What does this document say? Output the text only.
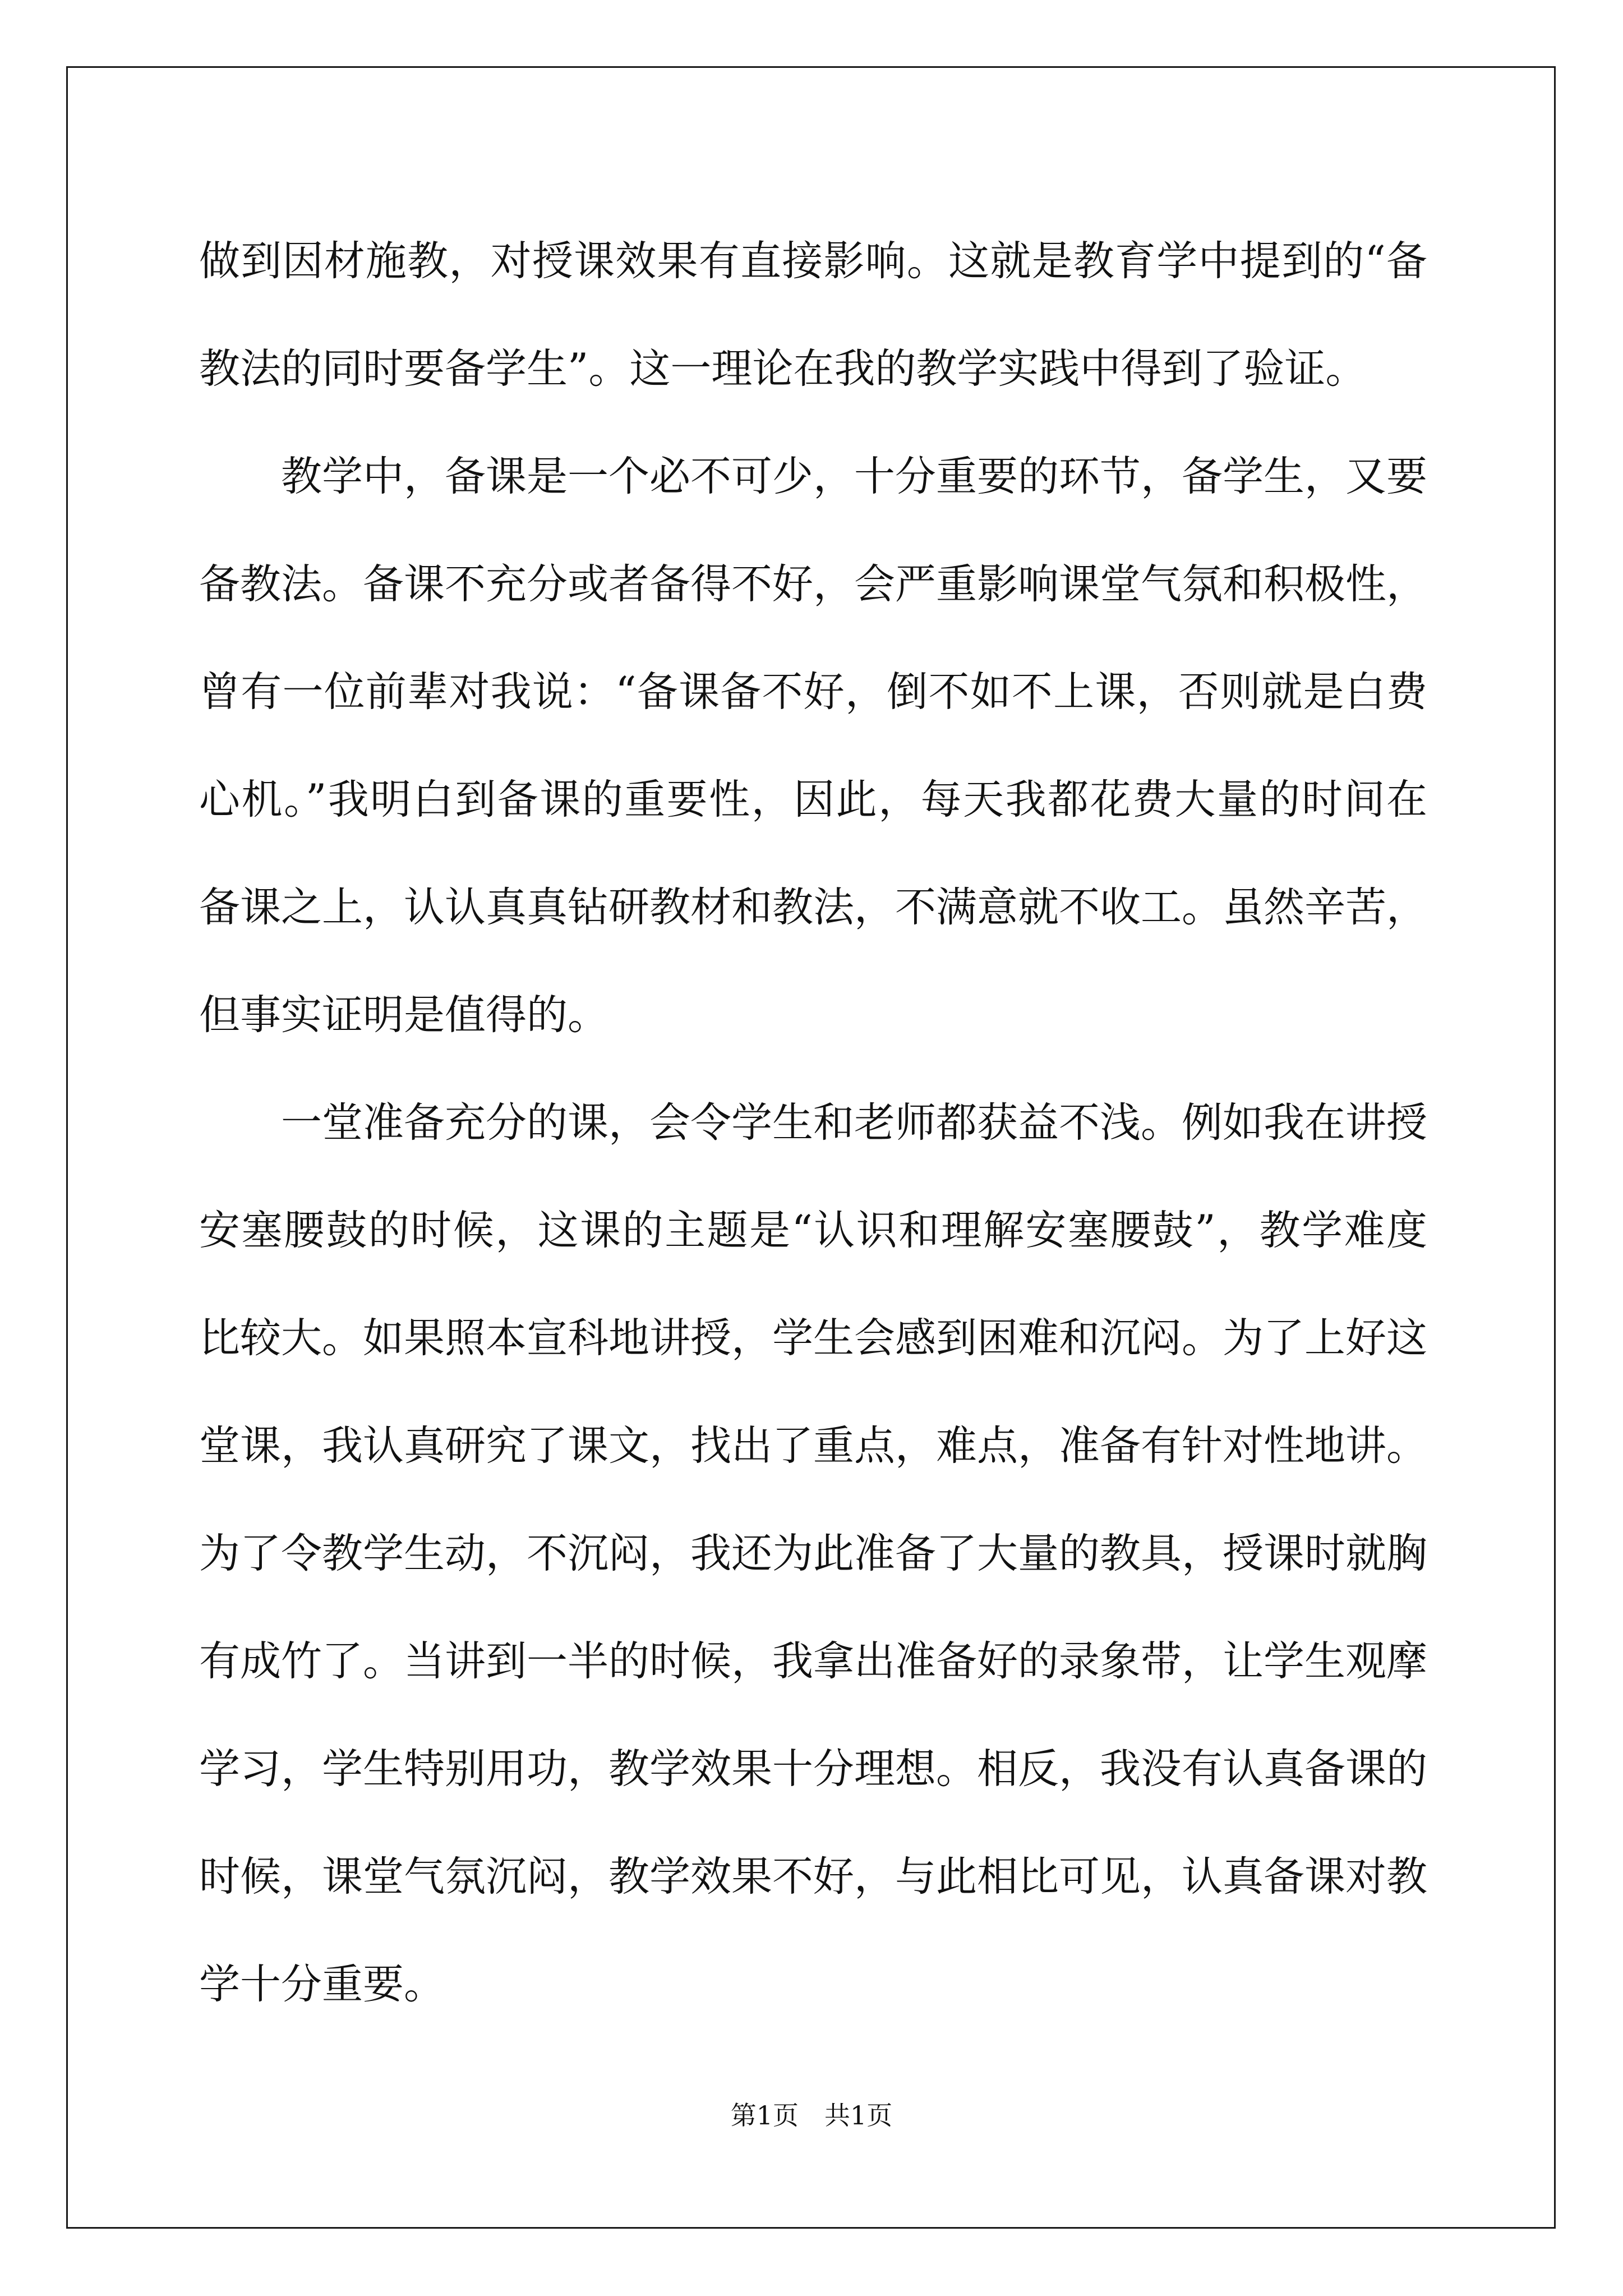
做到因材施教，对授课效果有直接影响。这就是教育学中提到的“备教法的同时要备学生”。这一理论在我的教学实践中得到了验证。

教学中，备课是一个必不可少，十分重要的环节，备学生，又要备教法。备课不充分或者备得不好，会严重影响课堂气氛和积极性，曾有一位前辈对我说：“备课备不好，倒不如不上课，否则就是白费心机。”我明白到备课的重要性，因此，每天我都花费大量的时间在备课之上，认认真真钻研教材和教法，不满意就不收工。虽然辛苦，但事实证明是值得的。

一堂准备充分的课，会令学生和老师都获益不浅。例如我在讲授安塞腰鼓的时候，这课的主题是“认识和理解安塞腰鼓”，教学难度比较大。如果照本宣科地讲授，学生会感到困难和沉闷。为了上好这堂课，我认真研究了课文，找出了重点，难点，准备有针对性地讲。为了令教学生动，不沉闷，我还为此准备了大量的教具，授课时就胸有成竹了。当讲到一半的时候，我拿出准备好的录象带，让学生观摩学习，学生特别用功，教学效果十分理想。相反，我没有认真备课的时候，课堂气氛沉闷，教学效果不好，与此相比可见，认真备课对教学十分重要。

第1页　共1页
